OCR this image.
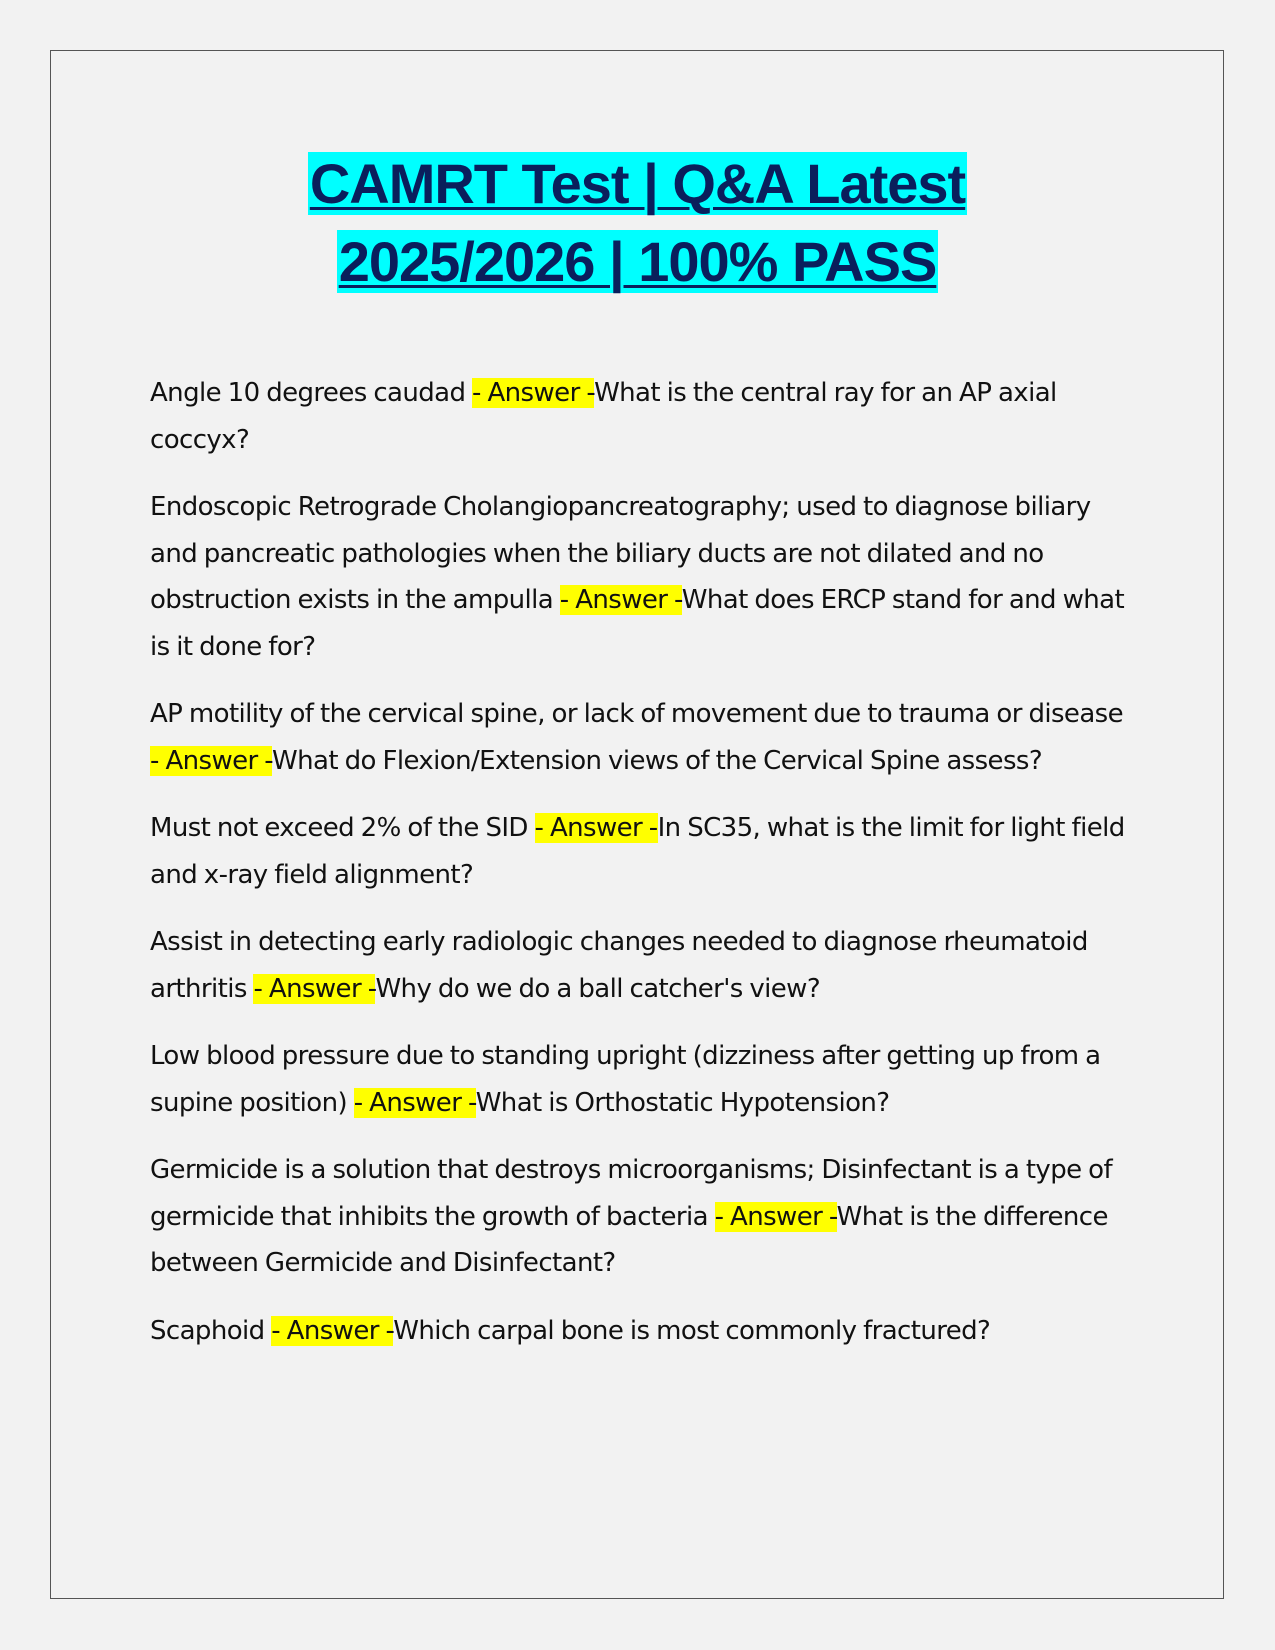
CAMRT Test | Q&A Latest
2025/2026 | 100% PASS
Angle 10 degrees caudad - Answer -What is the central ray for an AP axial coccyx?
Endoscopic Retrograde Cholangiopancreatography; used to diagnose biliary and pancreatic pathologies when the biliary ducts are not dilated and no obstruction exists in the ampulla - Answer -What does ERCP stand for and what is it done for?
AP motility of the cervical spine, or lack of movement due to trauma or disease - Answer -What do Flexion/Extension views of the Cervical Spine assess?
Must not exceed 2% of the SID - Answer -In SC35, what is the limit for light field and x-ray field alignment?
Assist in detecting early radiologic changes needed to diagnose rheumatoid arthritis - Answer -Why do we do a ball catcher's view?
Low blood pressure due to standing upright (dizziness after getting up from a supine position) - Answer -What is Orthostatic Hypotension?
Germicide is a solution that destroys microorganisms; Disinfectant is a type of germicide that inhibits the growth of bacteria - Answer -What is the difference between Germicide and Disinfectant?
Scaphoid - Answer -Which carpal bone is most commonly fractured?
